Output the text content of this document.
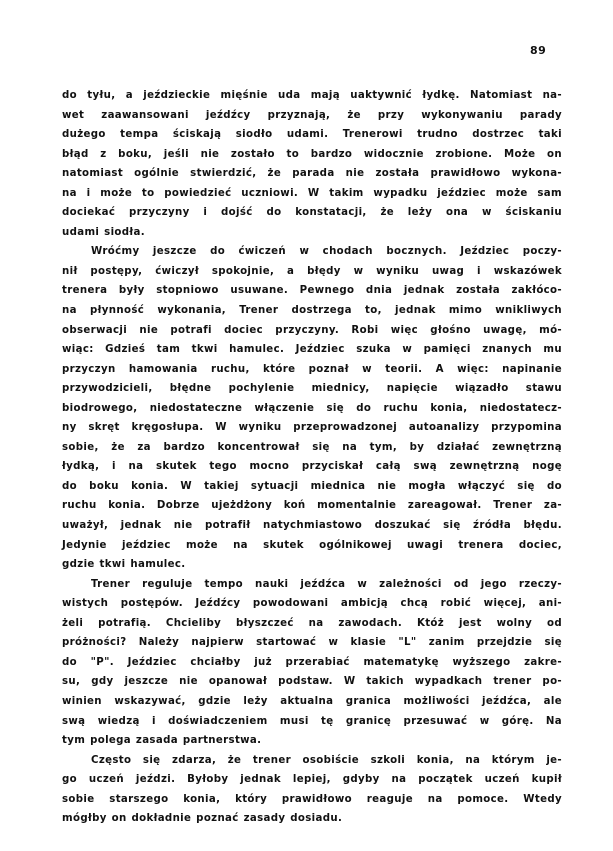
89
do tyłu, a jeździeckie mięśnie uda mają uaktywnić łydkę. Natomiast na-
wet zaawansowani jeźdźcy przyznają, że przy wykonywaniu parady
dużego tempa ściskają siodło udami. Trenerowi trudno dostrzec taki
błąd z boku, jeśli nie zostało to bardzo widocznie zrobione. Może on
natomiast ogólnie stwierdzić, że parada nie została prawidłowo wykona-
na i może to powiedzieć uczniowi. W takim wypadku jeździec może sam
dociekać przyczyny i dojść do konstatacji, że leży ona w ściskaniu
udami siodła.
Wróćmy jeszcze do ćwiczeń w chodach bocznych. Jeździec poczy-
nił postępy, ćwiczył spokojnie, a błędy w wyniku uwag i wskazówek
trenera były stopniowo usuwane. Pewnego dnia jednak została zakłóco-
na płynność wykonania, Trener dostrzega to, jednak mimo wnikliwych
obserwacji nie potrafi dociec przyczyny. Robi więc głośno uwagę, mó-
wiąc: Gdzieś tam tkwi hamulec. Jeździec szuka w pamięci znanych mu
przyczyn hamowania ruchu, które poznał w teorii. A więc: napinanie
przywodzicieli, błędne pochylenie miednicy, napięcie wiązadło stawu
biodrowego, niedostateczne włączenie się do ruchu konia, niedostatecz-
ny skręt kręgosłupa. W wyniku przeprowadzonej autoanalizy przypomina
sobie, że za bardzo koncentrował się na tym, by działać zewnętrzną
łydką, i na skutek tego mocno przyciskał całą swą zewnętrzną nogę
do boku konia. W takiej sytuacji miednica nie mogła włączyć się do
ruchu konia. Dobrze ujeżdżony koń momentalnie zareagował. Trener za-
uważył, jednak nie potrafił natychmiastowo doszukać się źródła błędu.
Jedynie jeździec może na skutek ogólnikowej uwagi trenera dociec,
gdzie tkwi hamulec.
Trener reguluje tempo nauki jeźdźca w zależności od jego rzeczy-
wistych postępów. Jeźdźcy powodowani ambicją chcą robić więcej, ani-
żeli potrafią. Chcieliby błyszczeć na zawodach. Któż jest wolny od
próżności? Należy najpierw startować w klasie "L" zanim przejdzie się
do "P". Jeździec chciałby już przerabiać matematykę wyższego zakre-
su, gdy jeszcze nie opanował podstaw. W takich wypadkach trener po-
winien wskazywać, gdzie leży aktualna granica możliwości jeźdźca, ale
swą wiedzą i doświadczeniem musi tę granicę przesuwać w górę. Na
tym polega zasada partnerstwa.
Często się zdarza, że trener osobiście szkoli konia, na którym je-
go uczeń jeździ. Byłoby jednak lepiej, gdyby na początek uczeń kupił
sobie starszego konia, który prawidłowo reaguje na pomoce. Wtedy
mógłby on dokładnie poznać zasady dosiadu.
